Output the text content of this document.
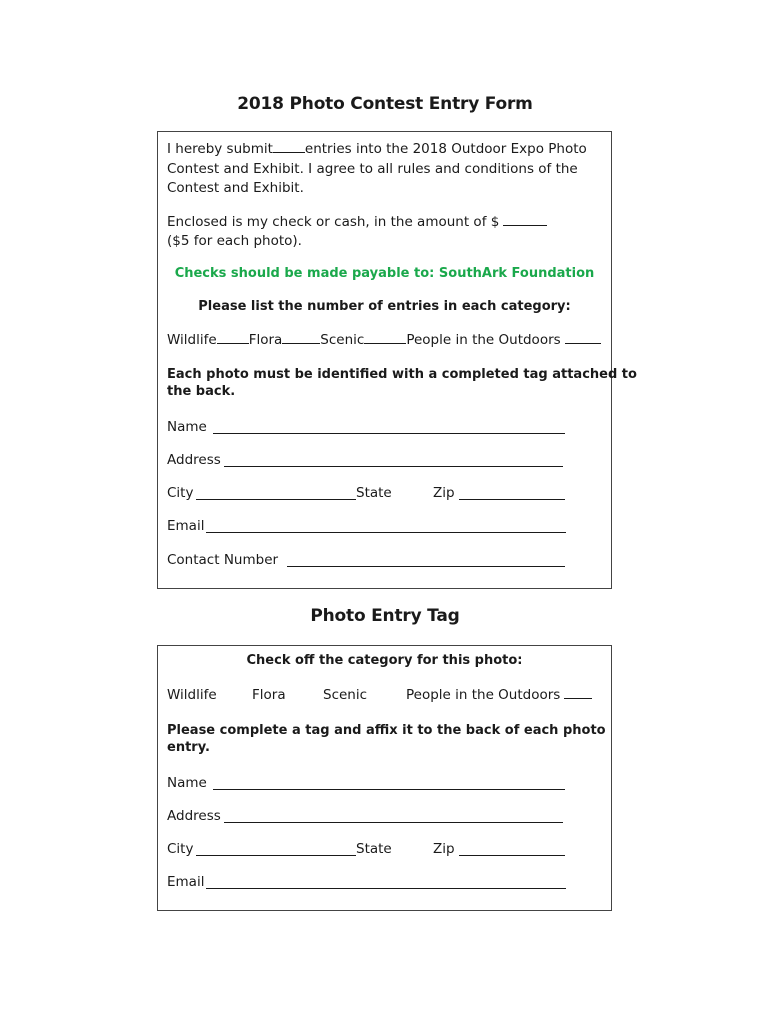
2018 Photo Contest Entry Form
I hereby submit entries into the 2018 Outdoor Expo Photo
Contest and Exhibit. I agree to all rules and conditions of the
Contest and Exhibit.
Enclosed is my check or cash, in the amount of $
($5 for each photo).
Checks should be made payable to: SouthArk Foundation
Please list the number of entries in each category:
Wildlife Flora	Scenic	People in the Outdoors
Each photo must be identified with a completed tag attached to
the back.
Name
Address
City	State	Zip
Email
Contact Number
Photo Entry Tag
Check off the category for this photo:
Wildlife	Flora	Scenic	People in the Outdoors
Please complete a tag and affix it to the back of each photo
entry.
Name
Address
City	State	Zip
Email
